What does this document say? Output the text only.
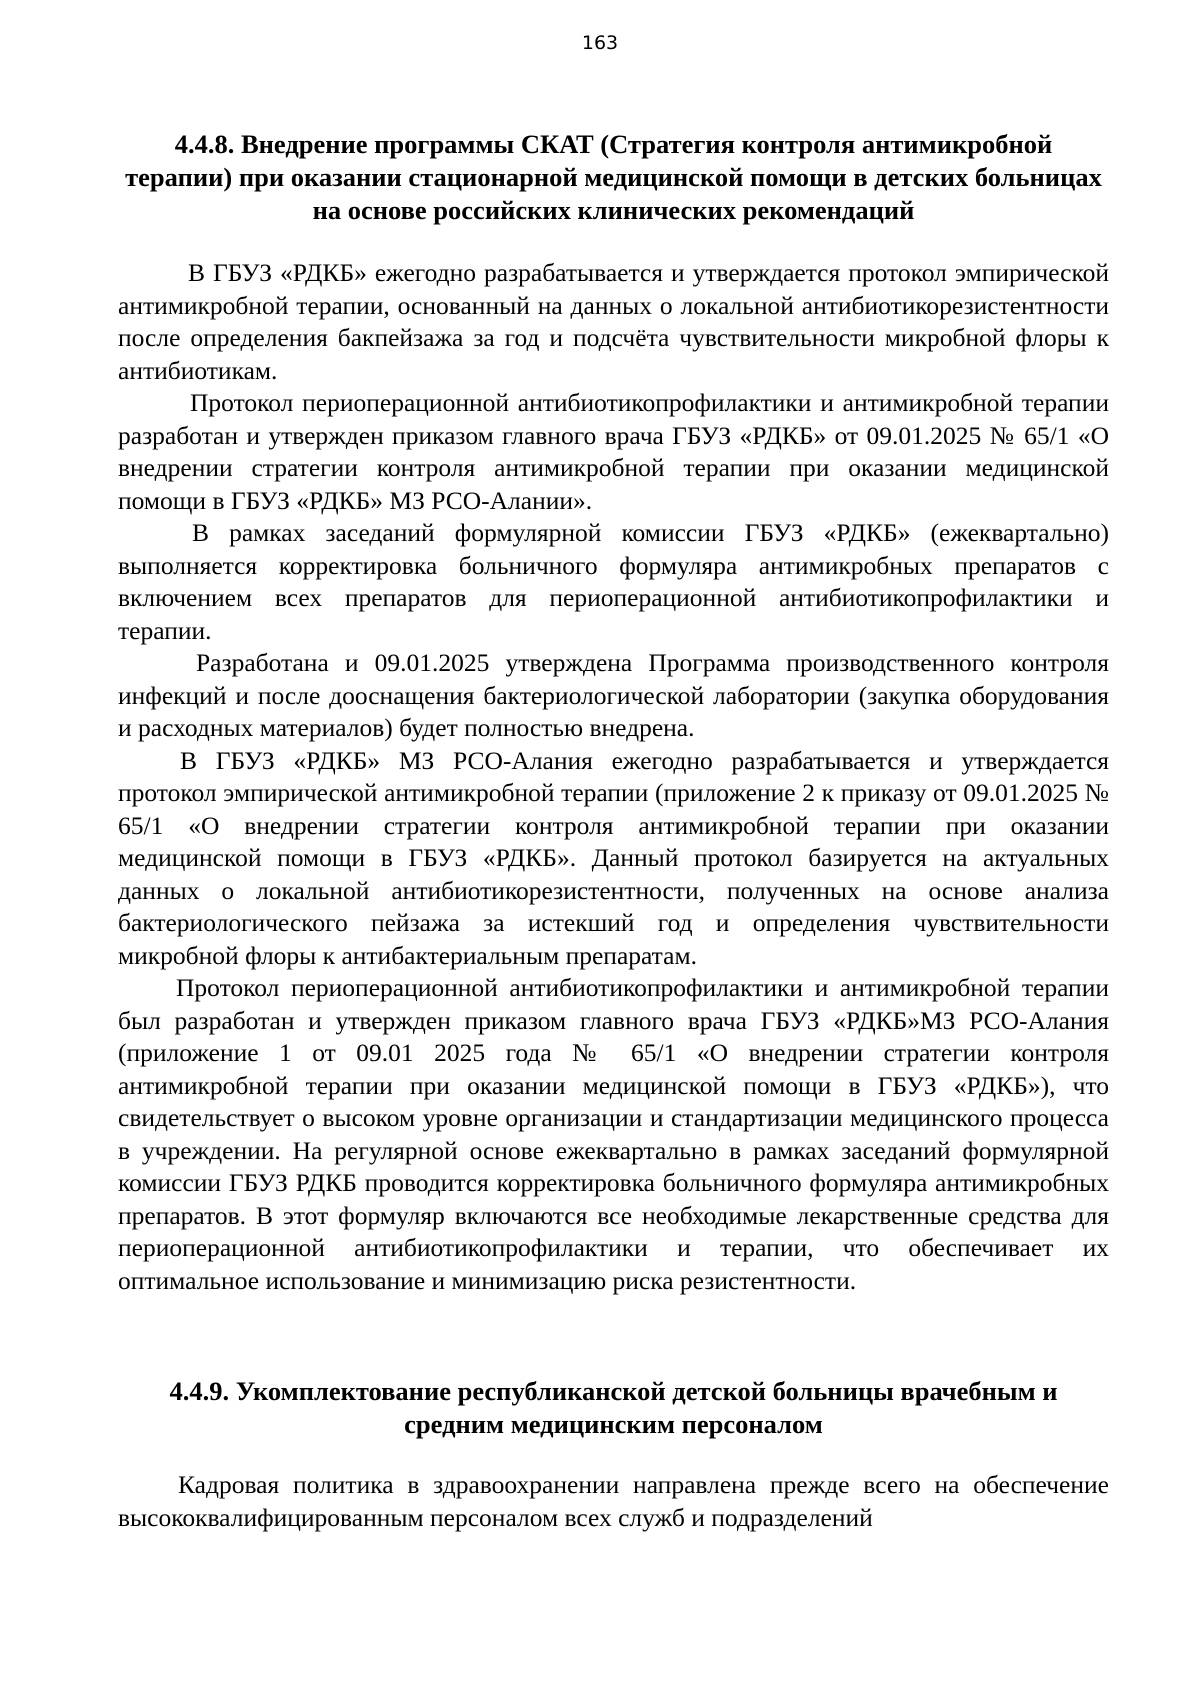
163
4.4.8. Внедрение программы СКАТ (Стратегия контроля антимикробной терапии) при оказании стационарной медицинской помощи в детских больницах на основе российских клинических рекомендаций

В ГБУЗ «РДКБ» ежегодно разрабатывается и утверждается протокол эмпирической антимикробной терапии, основанный на данных о локальной антибиотикорезистентности после определения бакпейзажа за год и подсчёта чувствительности микробной флоры к антибиотикам.

Протокол периоперационной антибиотикопрофилактики и антимикробной терапии разработан и утвержден приказом главного врача ГБУЗ «РДКБ» от 09.01.2025 № 65/1 «О внедрении стратегии контроля антимикробной терапии при оказании медицинской помощи в ГБУЗ «РДКБ» МЗ РСО-Алании».

В рамках заседаний формулярной комиссии ГБУЗ «РДКБ» (ежеквартально) выполняется корректировка больничного формуляра антимикробных препаратов с включением всех препаратов для периоперационной антибиотикопрофилактики и терапии.

Разработана и 09.01.2025 утверждена Программа производственного контроля инфекций и после дооснащения бактериологической лаборатории (закупка оборудования и расходных материалов) будет полностью внедрена.

В ГБУЗ «РДКБ» МЗ РСО-Алания ежегодно разрабатывается и утверждается протокол эмпирической антимикробной терапии (приложение 2 к приказу от 09.01.2025 № 65/1 «О внедрении стратегии контроля антимикробной терапии при оказании медицинской помощи в ГБУЗ «РДКБ». Данный протокол базируется на актуальных данных о локальной антибиотикорезистентности, полученных на основе анализа бактериологического пейзажа за истекший год и определения чувствительности микробной флоры к антибактериальным препаратам.

Протокол периоперационной антибиотикопрофилактики и антимикробной терапии был разработан и утвержден приказом главного врача ГБУЗ «РДКБ»МЗ РСО-Алания (приложение 1 от 09.01 2025 года № 65/1 «О внедрении стратегии контроля антимикробной терапии при оказании медицинской помощи в ГБУЗ «РДКБ»), что свидетельствует о высоком уровне организации и стандартизации медицинского процесса в учреждении. На регулярной основе ежеквартально в рамках заседаний формулярной комиссии ГБУЗ РДКБ проводится корректировка больничного формуляра антимикробных препаратов. В этот формуляр включаются все необходимые лекарственные средства для периоперационной антибиотикопрофилактики и терапии, что обеспечивает их оптимальное использование и минимизацию риска резистентности.

4.4.9. Укомплектование республиканской детской больницы врачебным и средним медицинским персоналом

Кадровая политика в здравоохранении направлена прежде всего на обеспечение высококвалифицированным персоналом всех служб и подразделений
